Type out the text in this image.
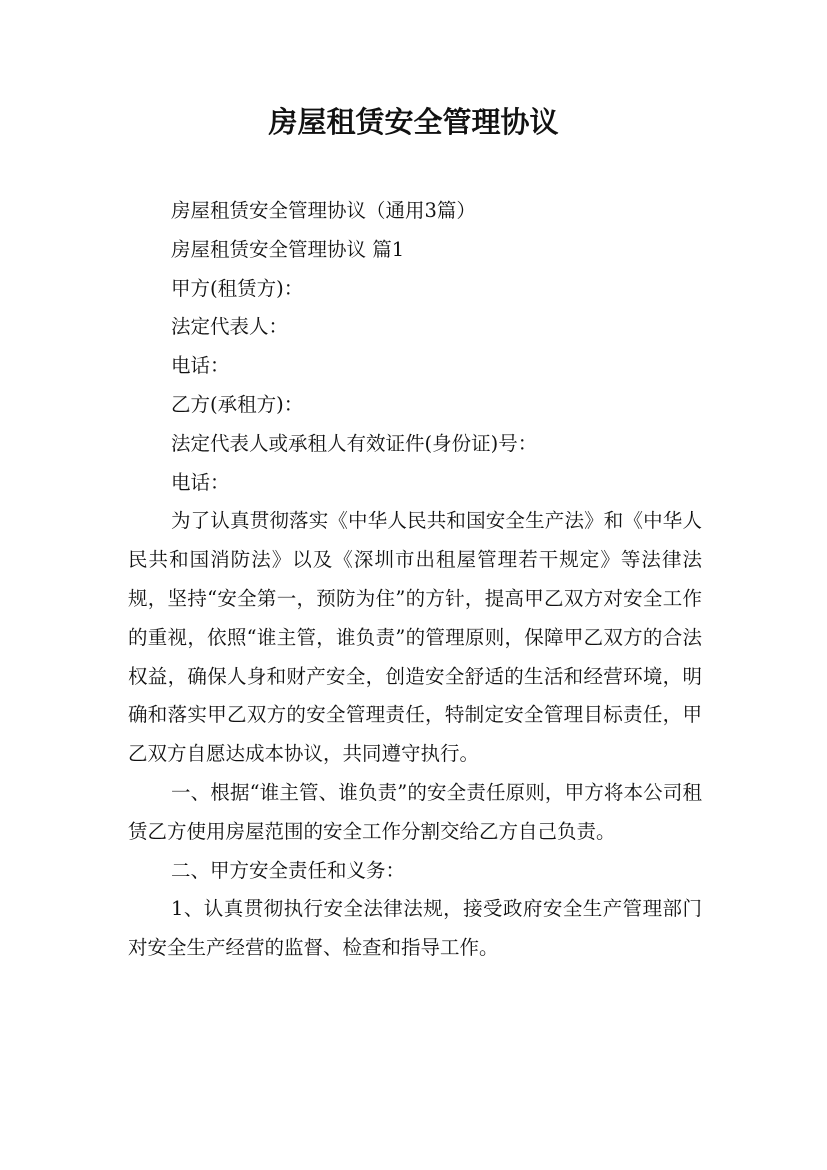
房屋租赁安全管理协议

房屋租赁安全管理协议（通用3篇）

房屋租赁安全管理协议 篇1

甲方(租赁方)：

法定代表人：

电话：

乙方(承租方)：

法定代表人或承租人有效证件(身份证)号：

电话：

为了认真贯彻落实《中华人民共和国安全生产法》和《中华人民共和国消防法》以及《深圳市出租屋管理若干规定》等法律法规，坚持“安全第一，预防为住”的方针，提高甲乙双方对安全工作的重视，依照“谁主管，谁负责”的管理原则，保障甲乙双方的合法权益，确保人身和财产安全，创造安全舒适的生活和经营环境，明确和落实甲乙双方的安全管理责任，特制定安全管理目标责任，甲乙双方自愿达成本协议，共同遵守执行。

一、根据“谁主管、谁负责”的安全责任原则，甲方将本公司租赁乙方使用房屋范围的安全工作分割交给乙方自己负责。

二、甲方安全责任和义务：

1、认真贯彻执行安全法律法规，接受政府安全生产管理部门对安全生产经营的监督、检查和指导工作。
